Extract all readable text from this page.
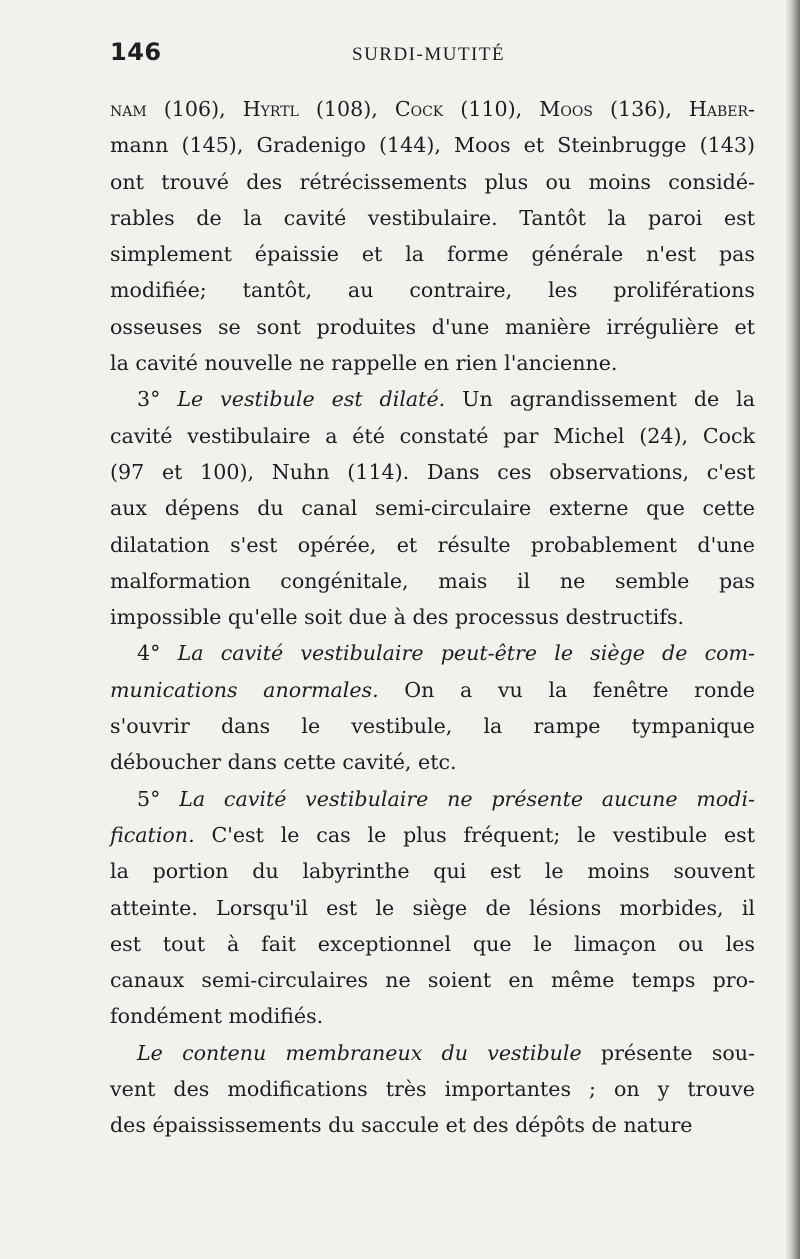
146	SURDI-MUTITÉ
nam (106), Hyrtl (108), Cock (110), Moos (136), Haber-
mann (145), Gradenigo (144), Moos et Steinbrugge (143)
ont trouvé des rétrécissements plus ou moins considé-
rables de la cavité vestibulaire. Tantôt la paroi est
simplement épaissie et la forme générale n'est pas
modifiée; tantôt, au contraire, les proliférations
osseuses se sont produites d'une manière irrégulière et
la cavité nouvelle ne rappelle en rien l'ancienne.
3° Le vestibule est dilaté. Un agrandissement de la
cavité vestibulaire a été constaté par Michel (24), Cock
(97 et 100), Nuhn (114). Dans ces observations, c'est
aux dépens du canal semi-circulaire externe que cette
dilatation s'est opérée, et résulte probablement d'une
malformation congénitale, mais il ne semble pas
impossible qu'elle soit due à des processus destructifs.
4° La cavité vestibulaire peut-être le siège de com-
munications anormales. On a vu la fenêtre ronde
s'ouvrir dans le vestibule, la rampe tympanique
déboucher dans cette cavité, etc.
5° La cavité vestibulaire ne présente aucune modi-
fication. C'est le cas le plus fréquent; le vestibule est
la portion du labyrinthe qui est le moins souvent
atteinte. Lorsqu'il est le siège de lésions morbides, il
est tout à fait exceptionnel que le limaçon ou les
canaux semi-circulaires ne soient en même temps pro-
fondément modifiés.
Le contenu membraneux du vestibule présente sou-
vent des modifications très importantes ; on y trouve
des épaississements du saccule et des dépôts de nature
